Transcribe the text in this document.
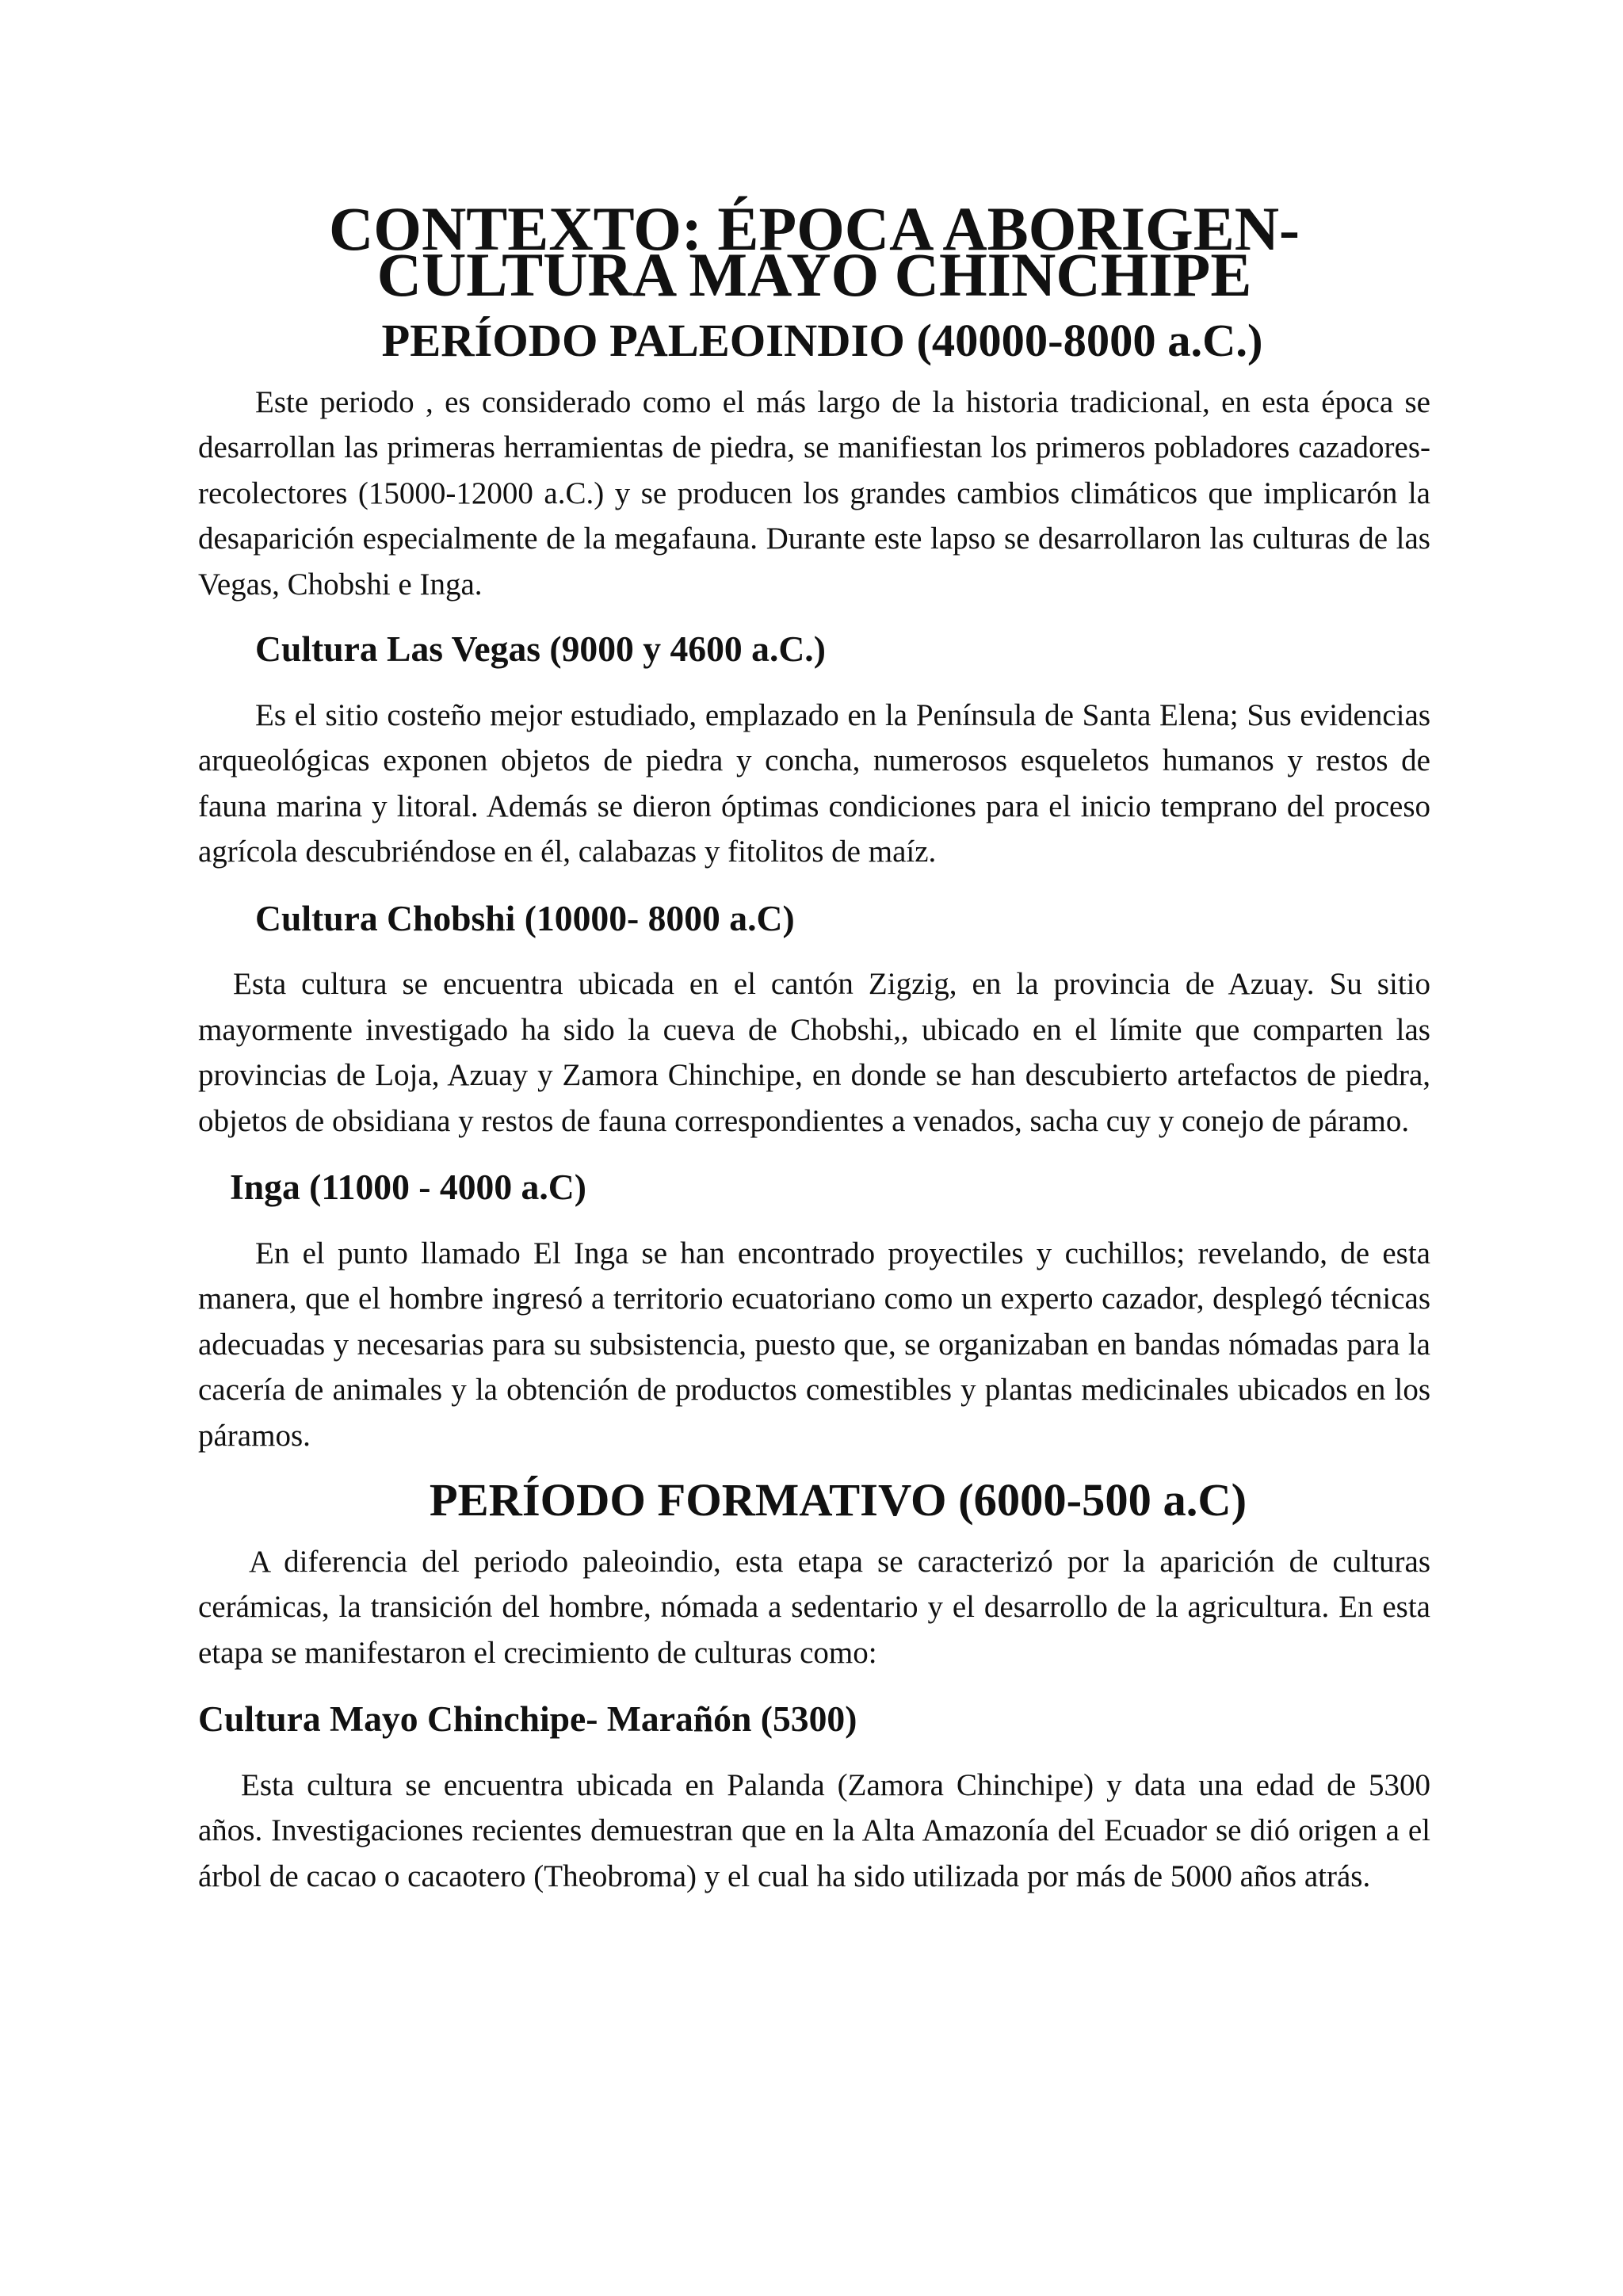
CONTEXTO: ÉPOCA ABORIGEN- CULTURA MAYO CHINCHIPE
PERÍODO PALEOINDIO (40000-8000 a.C.)

Este periodo , es considerado como el más largo de la historia tradicional, en esta época se desarrollan las primeras herramientas de piedra, se manifiestan los primeros pobladores cazadores-recolectores (15000-12000 a.C.) y se producen los grandes cambios climáticos que implicarón la desaparición especialmente de la megafauna. Durante este lapso se desarrollaron las culturas de las Vegas, Chobshi e Inga.

Cultura Las Vegas (9000 y 4600 a.C.)

Es el sitio costeño mejor estudiado, emplazado en la Península de Santa Elena; Sus evidencias arqueológicas exponen objetos de piedra y concha, numerosos esqueletos humanos y restos de fauna marina y litoral. Además se dieron óptimas condiciones para el inicio temprano del proceso agrícola descubriéndose en él, calabazas y fitolitos de maíz.

Cultura Chobshi (10000- 8000 a.C)

Esta cultura se encuentra ubicada en el cantón Zigzig, en la provincia de Azuay. Su sitio mayormente investigado ha sido la cueva de Chobshi,, ubicado en el límite que comparten las provincias de Loja, Azuay y Zamora Chinchipe, en donde se han descubierto artefactos de piedra, objetos de obsidiana y restos de fauna correspondientes a venados, sacha cuy y conejo de páramo.

Inga (11000 - 4000 a.C)

En el punto llamado El Inga se han encontrado proyectiles y cuchillos; revelando, de esta manera, que el hombre ingresó a territorio ecuatoriano como un experto cazador, desplegó técnicas adecuadas y necesarias para su subsistencia, puesto que, se organizaban en bandas nómadas para la cacería de animales y la obtención de productos comestibles y plantas medicinales ubicados en los páramos.

PERÍODO FORMATIVO (6000-500 a.C)

A diferencia del periodo paleoindio, esta etapa se caracterizó por la aparición de culturas cerámicas, la transición del hombre, nómada a sedentario y el desarrollo de la agricultura. En esta etapa se manifestaron el crecimiento de culturas como:

Cultura Mayo Chinchipe- Marañón (5300)

Esta cultura se encuentra ubicada en Palanda (Zamora Chinchipe) y data una edad de 5300 años. Investigaciones recientes demuestran que en la Alta Amazonía del Ecuador se dió origen a el árbol de cacao o cacaotero (Theobroma) y el cual ha sido utilizada por más de 5000 años atrás.
